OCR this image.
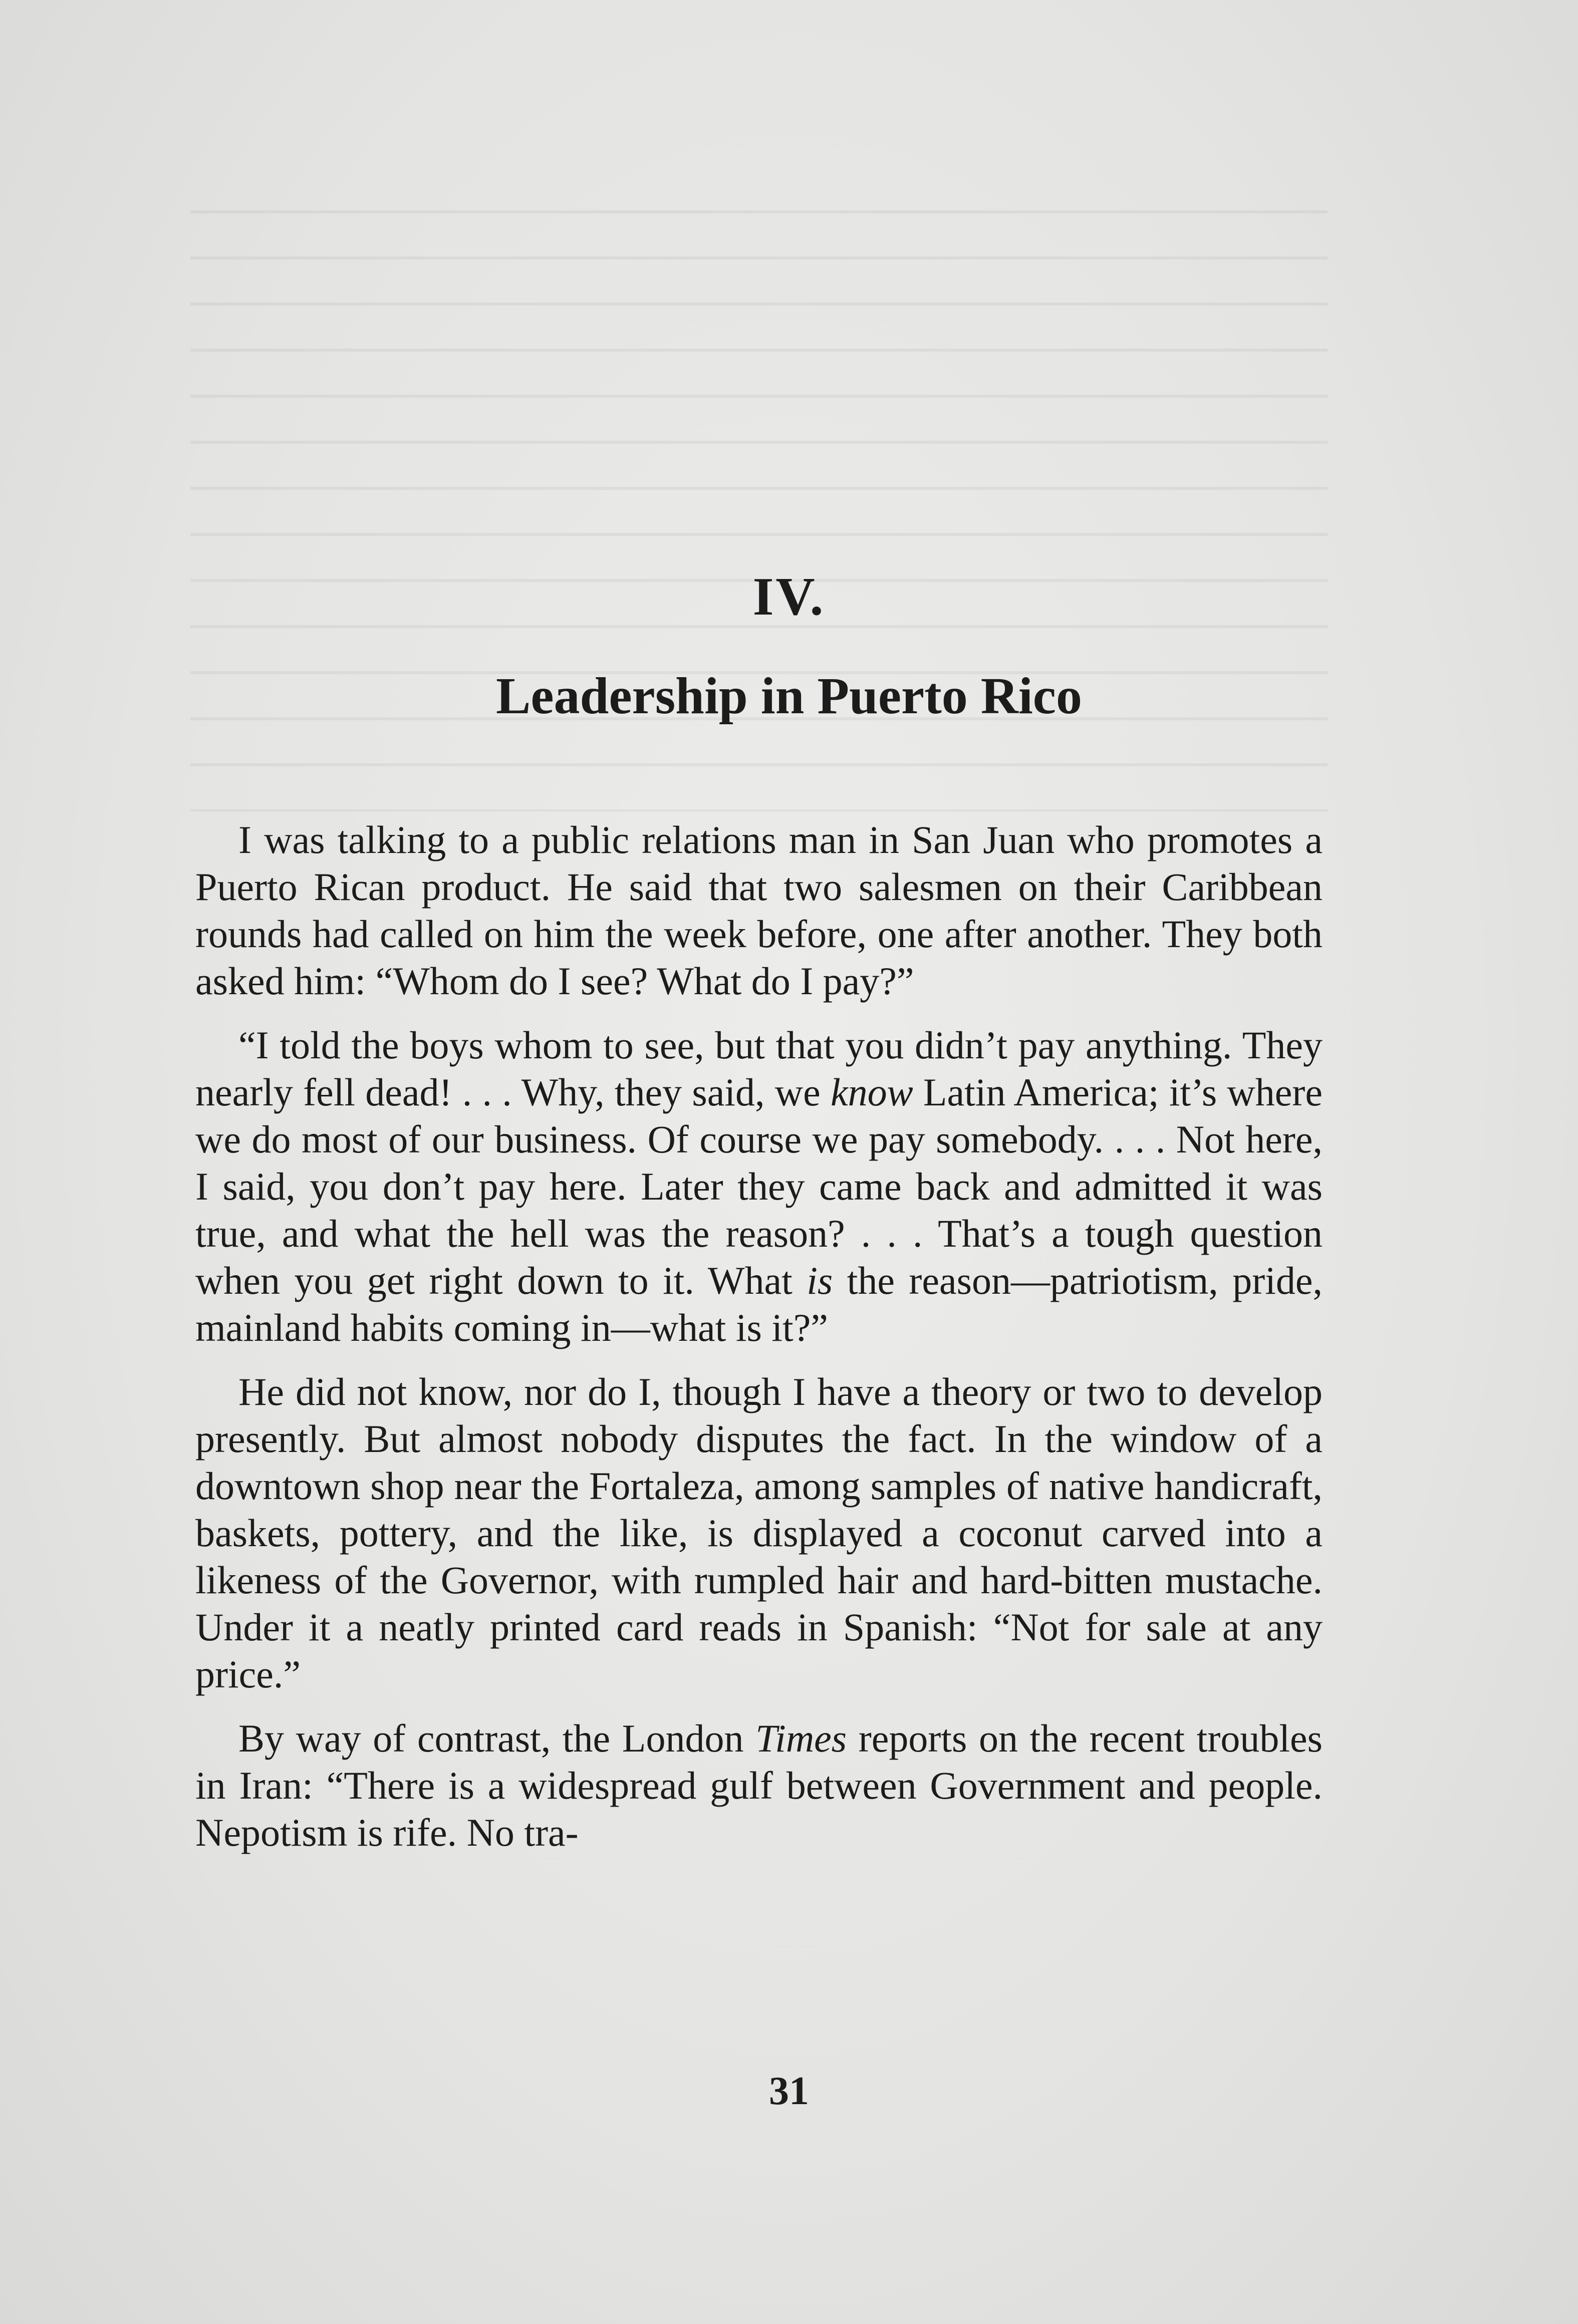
IV.
Leadership in Puerto Rico

I was talking to a public relations man in San Juan who promotes a Puerto Rican product. He said that two salesmen on their Caribbean rounds had called on him the week before, one after another. They both asked him: “Whom do I see? What do I pay?”

“I told the boys whom to see, but that you didn’t pay anything. They nearly fell dead! . . . Why, they said, we know Latin America; it’s where we do most of our business. Of course we pay somebody. . . . Not here, I said, you don’t pay here. Later they came back and admitted it was true, and what the hell was the reason? . . . That’s a tough question when you get right down to it. What is the reason—patriotism, pride, mainland habits coming in—what is it?”

He did not know, nor do I, though I have a theory or two to develop presently. But almost nobody disputes the fact. In the window of a downtown shop near the Fortaleza, among samples of native handicraft, baskets, pottery, and the like, is displayed a coconut carved into a likeness of the Governor, with rumpled hair and hard-bitten mustache. Under it a neatly printed card reads in Spanish: “Not for sale at any price.”

By way of contrast, the London Times reports on the recent troubles in Iran: “There is a widespread gulf between Government and people. Nepotism is rife. No tra-

31
